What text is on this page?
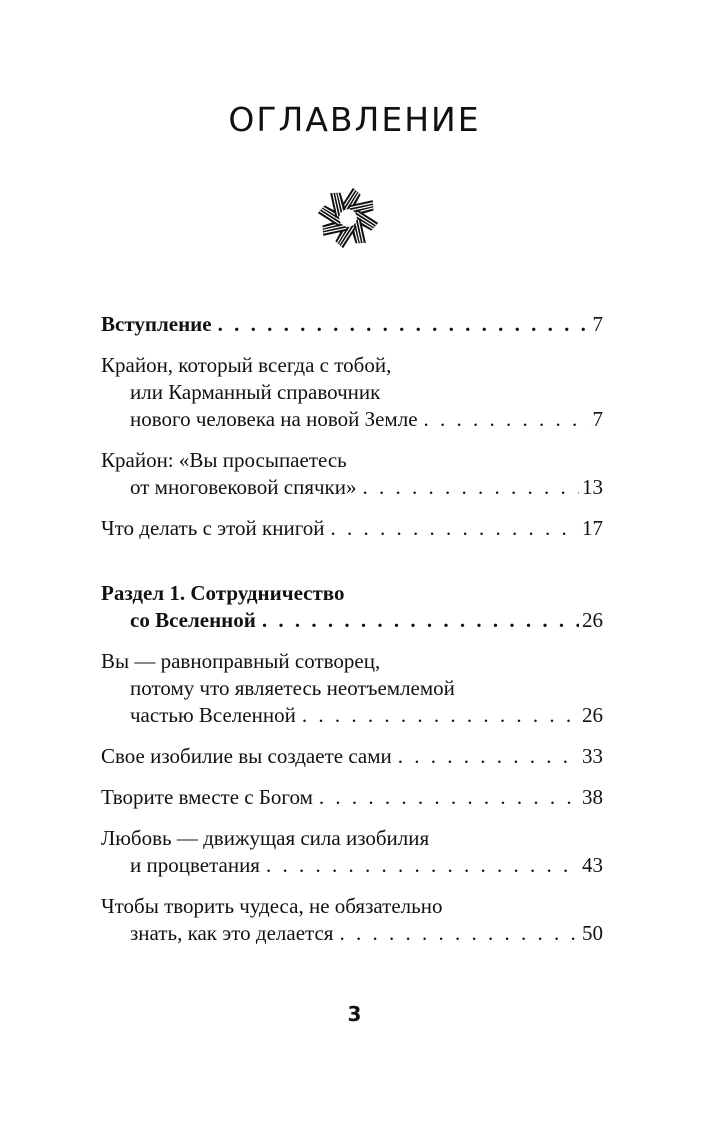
ОГЛАВЛЕНИЕ
Вступление . . .	7
Крайон, который всегда с тобой,
или Карманный справочник
нового человека на новой Земле . . .	7
Крайон: «Вы просыпаетесь
от многовековой спячки» . . .	13
Что делать с этой книгой . . .	17
Раздел 1. Сотрудничество
со Вселенной . . .	26
Вы — равноправный сотворец,
потому что являетесь неотъемлемой
частью Вселенной . . .	26
Свое изобилие вы создаете сами . . .	33
Творите вместе с Богом . . .	38
Любовь — движущая сила изобилия
и процветания . . .	43
Чтобы творить чудеса, не обязательно
знать, как это делается . . .	50
3
